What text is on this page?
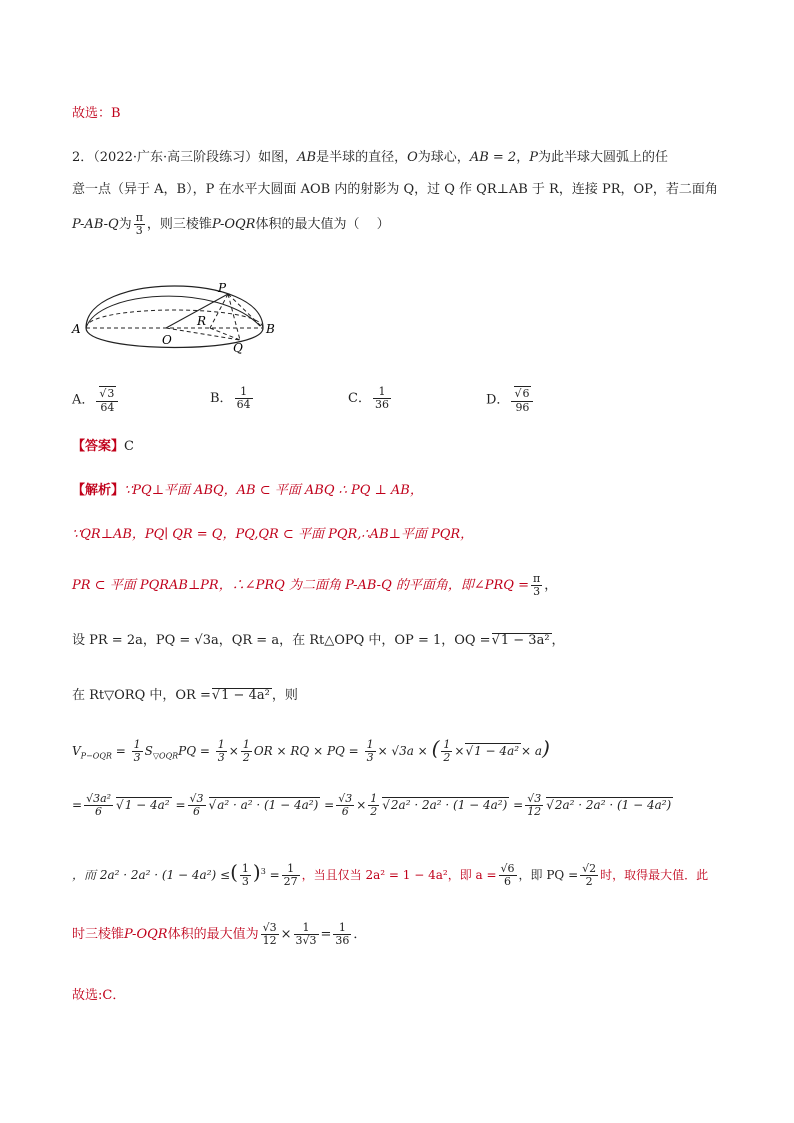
故选：B
2．（2022·广东·高三阶段练习）如图，AB是半球的直径，O为球心，AB = 2，P为此半球大圆弧上的任
意一点（异于 A，B），P 在水平大圆面 AOB 内的射影为 Q，过 Q 作 QR⊥AB 于 R，连接 PR，OP，若二面角
P-AB-Q为 $\frac{\pi}{3}$ ，则三棱锥P-OQR体积的最大值为（　 ）
A	B
O
P
R
Q
A． √ $\frac{3}{64}$	B． $\frac{1}{64}$	C． $\frac{1}{36}$	D． √ $\frac{6}{96}$
【答案】C
【解析】∵PQ⊥平面 ABQ，AB ⊂ 平面 ABQ ∴ PQ ⊥ AB，
∵QR⊥AB，PQ∣ QR = Q，PQ,QR ⊂ 平面 PQR,∴AB⊥平面 PQR，
PR ⊂ 平面 PQRAB⊥PR，∴∠PRQ 为二面角 P-AB-Q 的平面角，即∠PRQ = $\frac{\pi}{3}$ ，
设 PR = 2a，PQ = √3a，QR = a，在 Rt△OPQ 中，OP = 1，OQ = √ 1 − 3a² ，
在 Rt▽ORQ 中，OR = √ 1 − 4a² ，则
$V_{P-OQR} = \frac{1}{3} S_{▽OQR}PQ = \frac{1}{3} \times \frac{1}{2}$ OR × RQ × PQ = $\frac{1}{3} \times √3a$ × ( $\frac{1}{2}$ × √ 1 − 4a² × a)
= $\frac{\text{√3a²}}{6}$ √ $1 - 4a^2 = \frac{√3}{6}$ √ $a^2 \cdot a^2 \cdot (1 - 4a^2) = \frac{√3}{6} \times \frac{1}{2}$ √ $2a^2 \cdot 2a^2 \cdot (1 - 4a^2) = \frac{√3}{12}$ √ 2a² · 2a² · (1 − 4a²)
，而 2a² · 2a² · (1 − 4a²) ≤( $\frac{1}{3} )^3 = \frac{1}{27}$ ，当且仅当 2a² = 1 − 4a²，即 $a = \frac{√6}{6}$ ，即 PQ = $\frac{√2}{2}$ 时，取得最大值．此
时三棱锥P-OQR体积的最大值为 $\frac{√3}{12} \times \frac{1}{3√3} = \frac{1}{36}$ ．
故选:C．
